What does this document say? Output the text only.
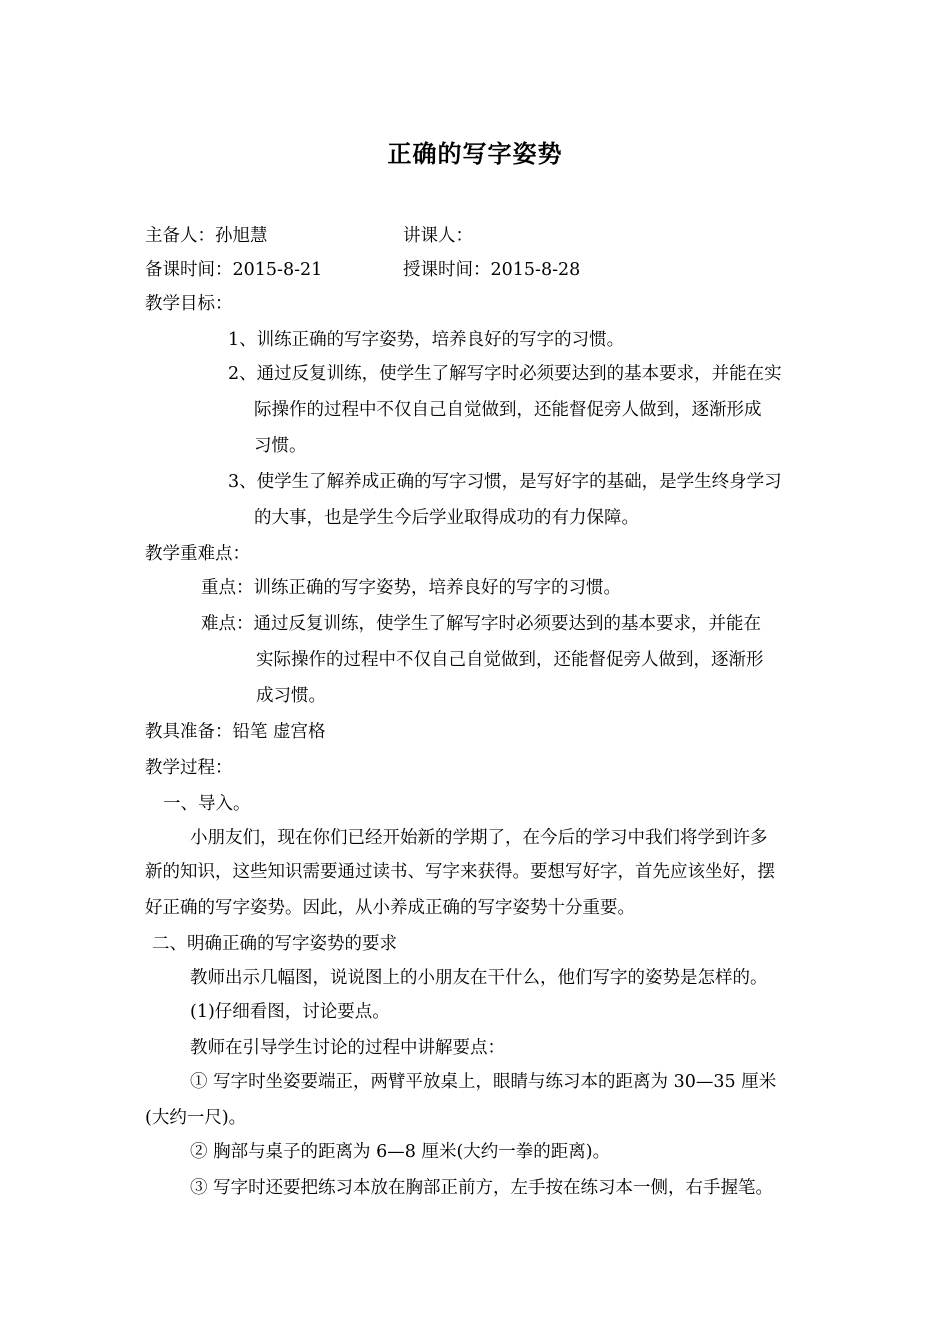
正确的写字姿势
主备人：孙旭慧	讲课人：
备课时间：2015-8-21	授课时间：2015-8-28
教学目标：
1、训练正确的写字姿势，培养良好的写字的习惯。
2、通过反复训练，使学生了解写字时必须要达到的基本要求，并能在实
际操作的过程中不仅自己自觉做到，还能督促旁人做到，逐渐形成
习惯。
3、使学生了解养成正确的写字习惯，是写好字的基础，是学生终身学习
的大事，也是学生今后学业取得成功的有力保障。
教学重难点：
重点：训练正确的写字姿势，培养良好的写字的习惯。
难点：通过反复训练，使学生了解写字时必须要达到的基本要求，并能在
实际操作的过程中不仅自己自觉做到，还能督促旁人做到，逐渐形
成习惯。
教具准备：铅笔 虚宫格
教学过程：
一、导入。
小朋友们，现在你们已经开始新的学期了，在今后的学习中我们将学到许多
新的知识，这些知识需要通过读书、写字来获得。要想写好字，首先应该坐好，摆
好正确的写字姿势。因此，从小养成正确的写字姿势十分重要。
二、明确正确的写字姿势的要求
教师出示几幅图，说说图上的小朋友在干什么，他们写字的姿势是怎样的。
(1)仔细看图，讨论要点。
教师在引导学生讨论的过程中讲解要点：
① 写字时坐姿要端正，两臂平放桌上，眼睛与练习本的距离为 30—35 厘米
(大约一尺)。
② 胸部与桌子的距离为 6—8 厘米(大约一拳的距离)。
③ 写字时还要把练习本放在胸部正前方，左手按在练习本一侧，右手握笔。
